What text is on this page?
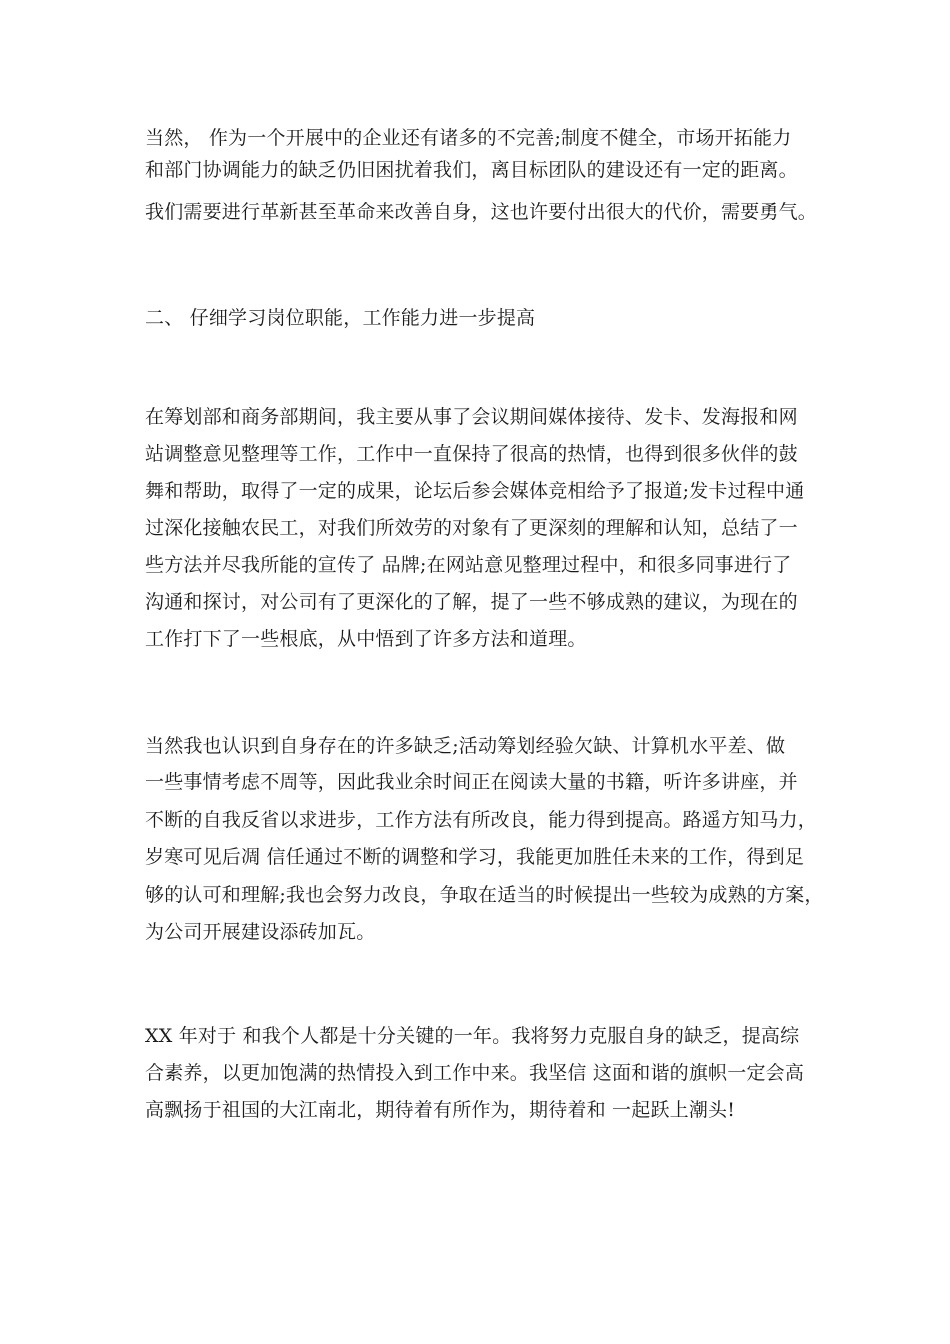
当然， 作为一个开展中的企业还有诸多的不完善;制度不健全，市场开拓能力
和部门协调能力的缺乏仍旧困扰着我们，离目标团队的建设还有一定的距离。
我们需要进行革新甚至革命来改善自身，这也许要付出很大的代价，需要勇气。
二、 仔细学习岗位职能，工作能力进一步提高
在筹划部和商务部期间，我主要从事了会议期间媒体接待、发卡、发海报和网
站调整意见整理等工作，工作中一直保持了很高的热情，也得到很多伙伴的鼓
舞和帮助，取得了一定的成果，论坛后参会媒体竞相给予了报道;发卡过程中通
过深化接触农民工，对我们所效劳的对象有了更深刻的理解和认知，总结了一
些方法并尽我所能的宣传了 品牌;在网站意见整理过程中，和很多同事进行了
沟通和探讨，对公司有了更深化的了解，提了一些不够成熟的建议，为现在的
工作打下了一些根底，从中悟到了许多方法和道理。
当然我也认识到自身存在的许多缺乏;活动筹划经验欠缺、计算机水平差、做
一些事情考虑不周等，因此我业余时间正在阅读大量的书籍，听许多讲座，并
不断的自我反省以求进步，工作方法有所改良，能力得到提高。路遥方知马力，
岁寒可见后凋 信任通过不断的调整和学习，我能更加胜任未来的工作，得到足
够的认可和理解;我也会努力改良，争取在适当的时候提出一些较为成熟的方案，
为公司开展建设添砖加瓦。
XX 年对于 和我个人都是十分关键的一年。我将努力克服自身的缺乏，提高综
合素养，以更加饱满的热情投入到工作中来。我坚信 这面和谐的旗帜一定会高
高飘扬于祖国的大江南北，期待着有所作为，期待着和 一起跃上潮头!
